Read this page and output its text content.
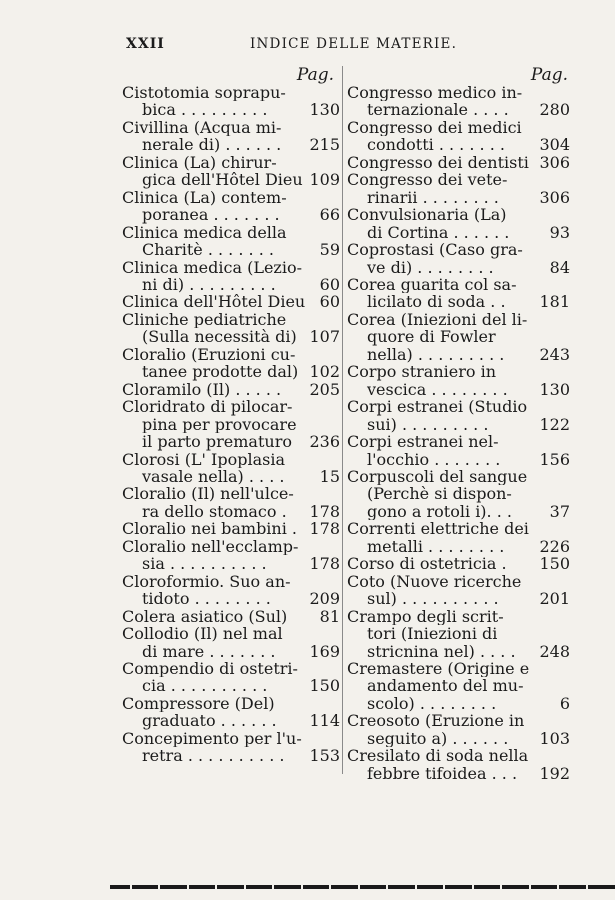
XXII	INDICE DELLE MATERIE.
Pag.
Cistotomia soprapu-
bica . . . . . . . . .	130
Civillina (Acqua mi-
nerale di) . . . . . .	215
Clinica (La) chirur-
gica dell'Hôtel Dieu 109
Clinica (La) contem-
poranea . . . . . . .	66
Clinica medica della
Charitè . . . . . . .	59
Clinica medica (Lezio-
ni di) . . . . . . . . .	60
Clinica dell'Hôtel Dieu 60
Cliniche pediatriche
(Sulla necessità di) 107
Cloralio (Eruzioni cu-
tanee prodotte dal) 102
Cloramilo (Il) . . . . .	205
Cloridrato di pilocar-
pina per provocare
il parto prematuro	236
Clorosi (L' Ipoplasia
vasale nella) . . . .	15
Cloralio (Il) nell'ulce-
ra dello stomaco .	178
Cloralio nei bambini . 178
Cloralio nell'ecclamp-
sia . . . . . . . . . .	178
Cloroformio. Suo an-
tidoto . . . . . . . .	209
Colera asiatico (Sul)	81
Collodio (Il) nel mal
di mare . . . . . . .	169
Compendio di ostetri-
cia . . . . . . . . . .	150
Compressore (Del)
graduato . . . . . .	114
Concepimento per l'u-
retra . . . . . . . . . .	153
Pag.
Congresso medico in-
ternazionale . . . .	280
Congresso dei medici
condotti . . . . . . .	304
Congresso dei dentisti 306
Congresso dei vete-
rinarii . . . . . . . .	306
Convulsionaria (La)
di Cortina . . . . . .	93
Coprostasi (Caso gra-
ve di) . . . . . . . .	84
Corea guarita col sa-
licilato di soda . .	181
Corea (Iniezioni del li-
quore di Fowler
nella) . . . . . . . . .	243
Corpo straniero in
vescica . . . . . . . .	130
Corpi estranei (Studio
sui) . . . . . . . . .	122
Corpi estranei nel-
l'occhio . . . . . . .	156
Corpuscoli del sangue
(Perchè si dispon-
gono a rotoli i). . .	37
Correnti elettriche dei
metalli . . . . . . . .	226
Corso di ostetricia .	150
Coto (Nuove ricerche
sul) . . . . . . . . . .	201
Crampo degli scrit-
tori (Iniezioni di
stricnina nel) . . . .	248
Cremastere (Origine e
andamento del mu-
scolo) . . . . . . . .	6
Creosoto (Eruzione in
seguito a) . . . . . .	103
Cresilato di soda nella
febbre tifoidea . . .	192
